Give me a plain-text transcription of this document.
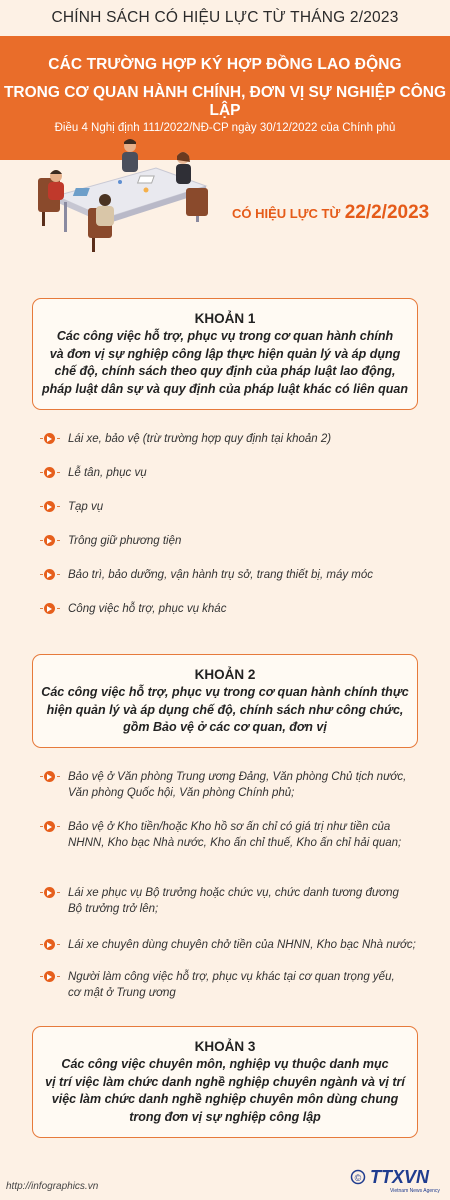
CHÍNH SÁCH CÓ HIỆU LỰC TỪ THÁNG 2/2023
CÁC TRƯỜNG HỢP KÝ HỢP ĐỒNG LAO ĐỘNG
TRONG CƠ QUAN HÀNH CHÍNH, ĐƠN VỊ SỰ NGHIỆP CÔNG LẬP
Điều 4 Nghị định 111/2022/NĐ-CP ngày 30/12/2022 của Chính phủ
CÓ HIỆU LỰC TỪ 22/2/2023
KHOẢN 1
Các công việc hỗ trợ, phục vụ trong cơ quan hành chính
và đơn vị sự nghiệp công lập thực hiện quản lý và áp dụng
chế độ, chính sách theo quy định của pháp luật lao động,
pháp luật dân sự và quy định của pháp luật khác có liên quan
Lái xe, bảo vệ (trừ trường hợp quy định tại khoản 2)
Lễ tân, phục vụ
Tạp vụ
Trông giữ phương tiện
Bảo trì, bảo dưỡng, vận hành trụ sở, trang thiết bị, máy móc
Công việc hỗ trợ, phục vụ khác
KHOẢN 2
Các công việc hỗ trợ, phục vụ trong cơ quan hành chính thực
hiện quản lý và áp dụng chế độ, chính sách như công chức,
gồm Bảo vệ ở các cơ quan, đơn vị
Bảo vệ ở Văn phòng Trung ương Đảng, Văn phòng Chủ tịch nước,
Văn phòng Quốc hội, Văn phòng Chính phủ;
Bảo vệ ở Kho tiền/hoặc Kho hồ sơ ấn chỉ có giá trị như tiền của
NHNN, Kho bạc Nhà nước, Kho ấn chỉ thuế, Kho ấn chỉ hải quan;
Lái xe phục vụ Bộ trưởng hoặc chức vụ, chức danh tương đương
Bộ trưởng trở lên;
Lái xe chuyên dùng chuyên chở tiền của NHNN, Kho bạc Nhà nước;
Người làm công việc hỗ trợ, phục vụ khác tại cơ quan trọng yếu,
cơ mật ở Trung ương
KHOẢN 3
Các công việc chuyên môn, nghiệp vụ thuộc danh mục
vị trí việc làm chức danh nghề nghiệp chuyên ngành và vị trí
việc làm chức danh nghề nghiệp chuyên môn dùng chung
trong đơn vị sự nghiệp công lập
http://infographics.vn
© TTXVN
Vietnam News Agency
